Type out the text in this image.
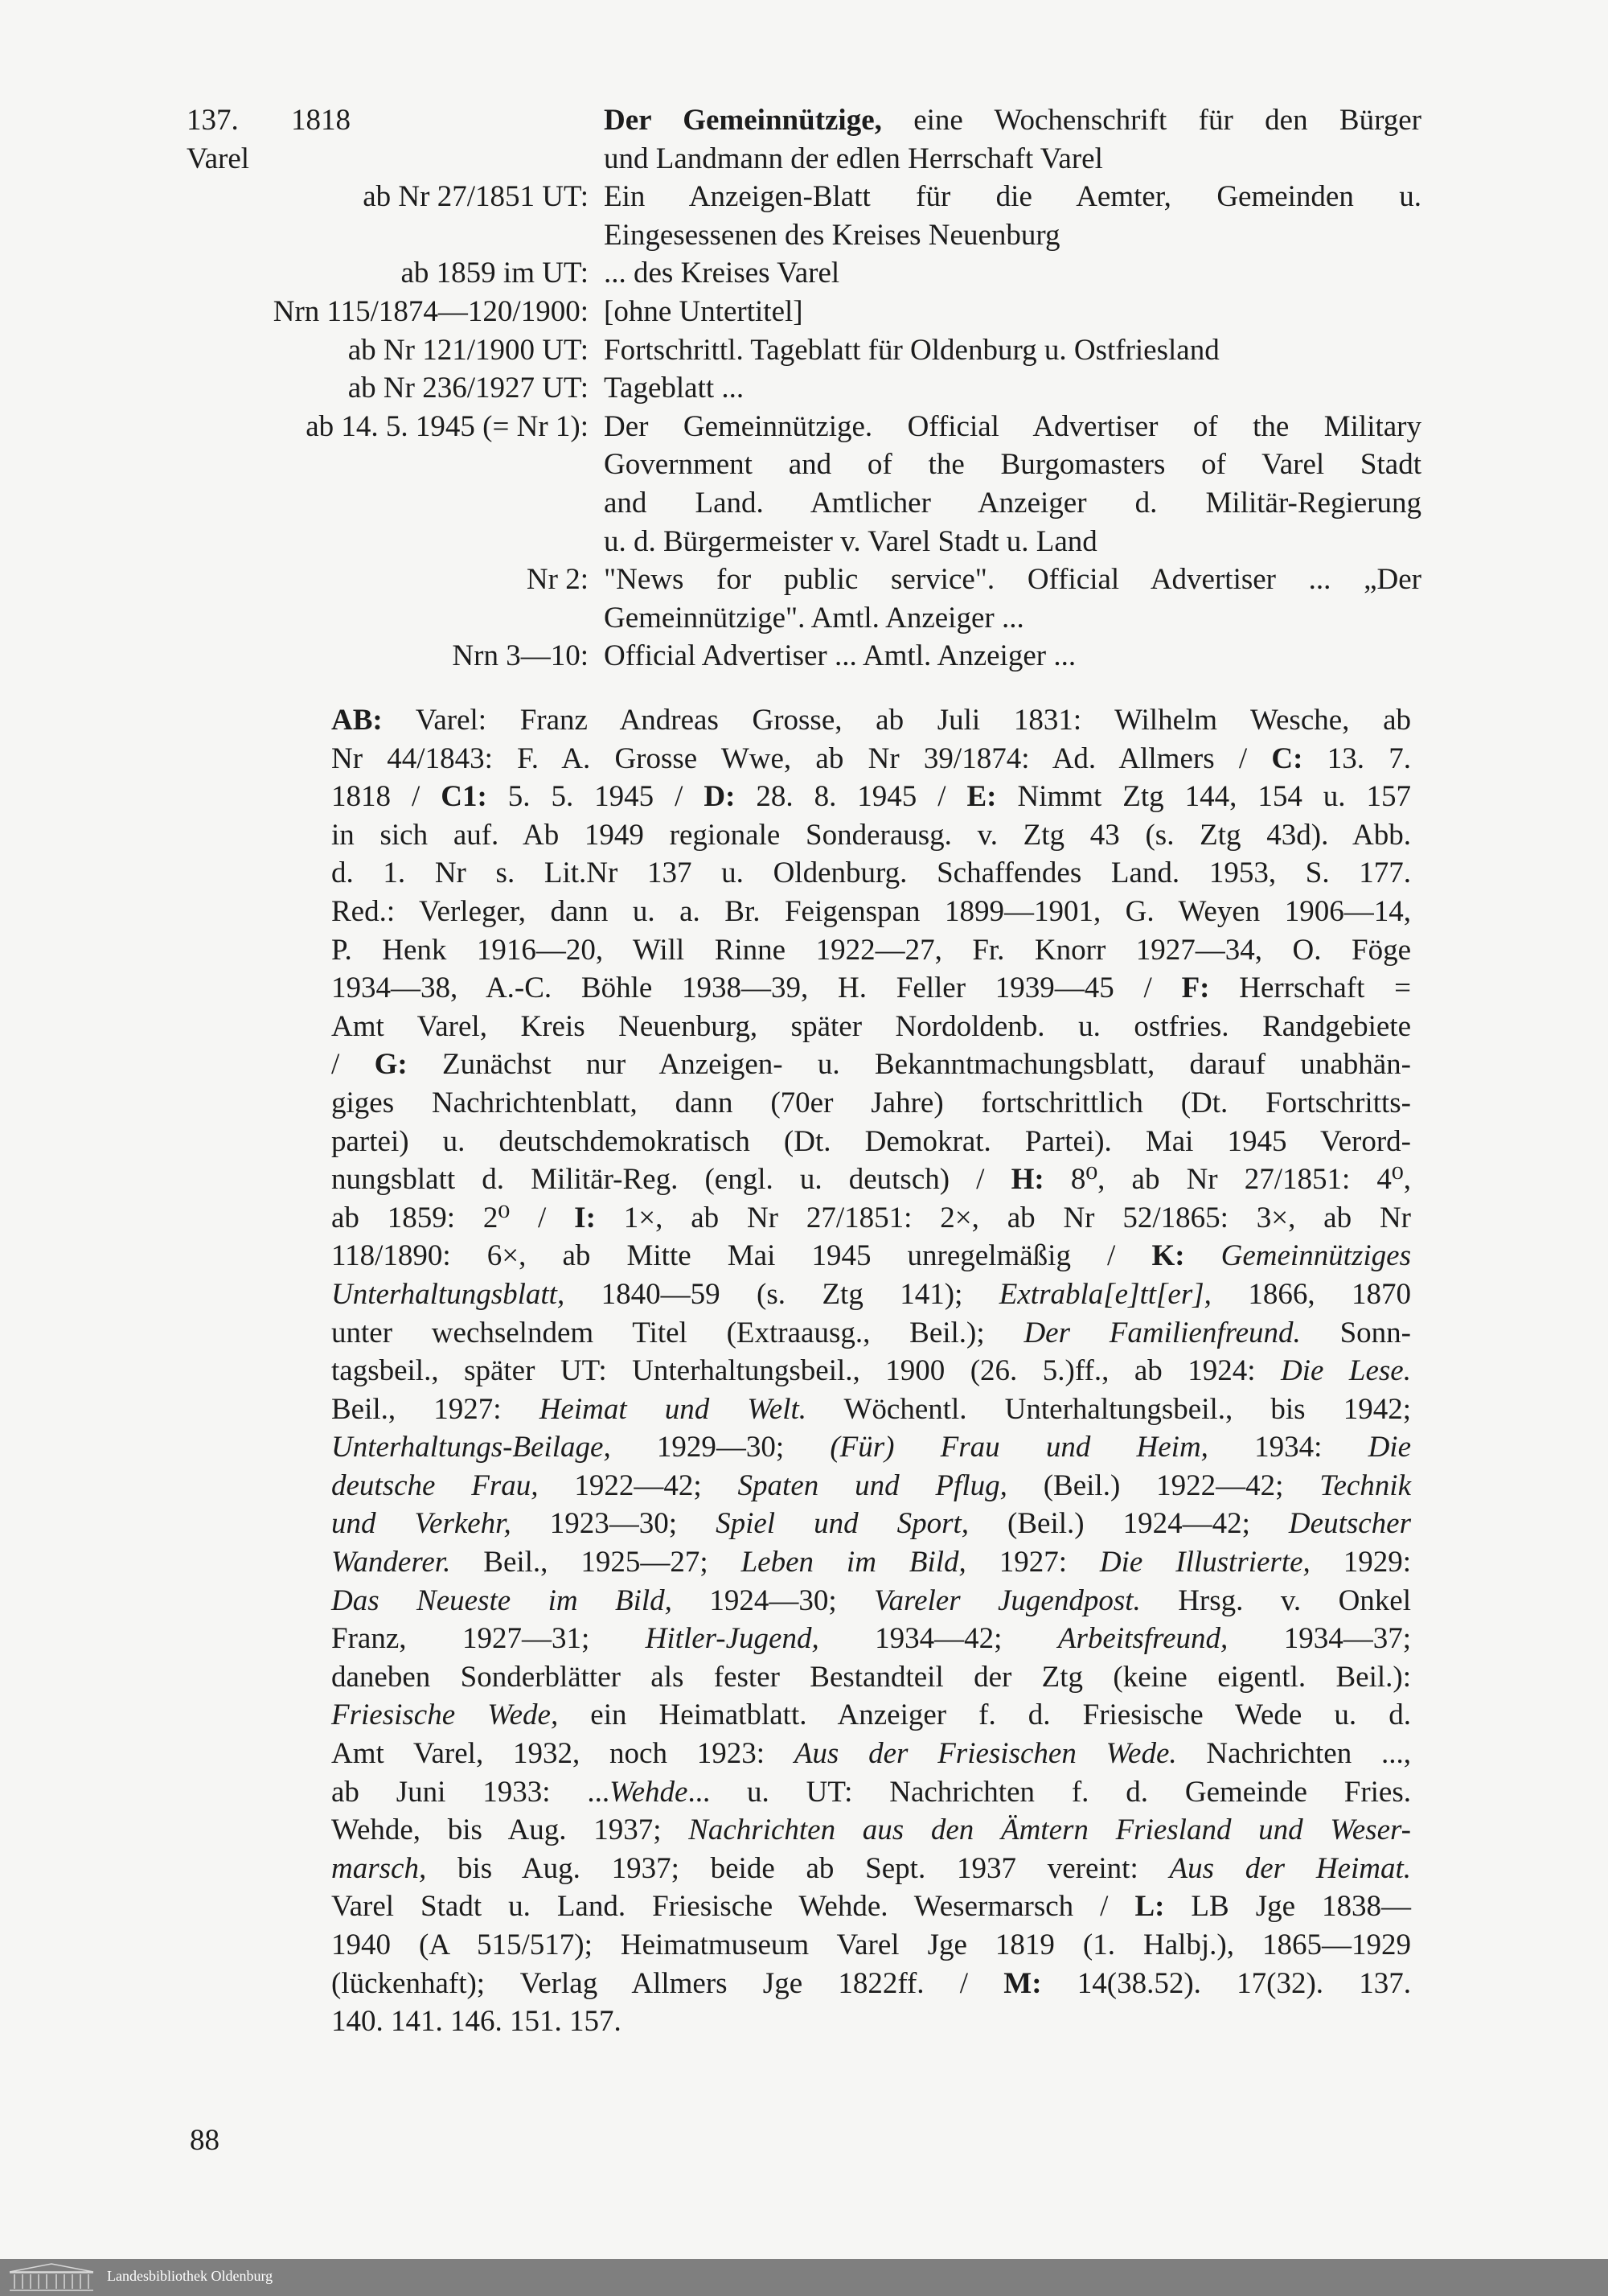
137. 1818	Der Gemeinnützige, eine Wochenschrift für den Bürger
Varel	und Landmann der edlen Herrschaft Varel
ab Nr 27/1851 UT: Ein Anzeigen-Blatt für die Aemter, Gemeinden u.
Eingesessenen des Kreises Neuenburg
ab 1859 im UT: ... des Kreises Varel
Nrn 115/1874—120/1900: [ohne Untertitel]
ab Nr 121/1900 UT: Fortschrittl. Tageblatt für Oldenburg u. Ostfriesland
ab Nr 236/1927 UT: Tageblatt ...
ab 14. 5. 1945 (= Nr 1): Der Gemeinnützige. Official Advertiser of the Military
Government and of the Burgomasters of Varel Stadt
and Land. Amtlicher Anzeiger d. Militär-Regierung
u. d. Bürgermeister v. Varel Stadt u. Land
Nr 2: "News for public service". Official Advertiser ... „Der
Gemeinnützige". Amtl. Anzeiger ...
Nrn 3—10: Official Advertiser ... Amtl. Anzeiger ...
AB: Varel: Franz Andreas Grosse, ab Juli 1831: Wilhelm Wesche, ab
Nr 44/1843: F. A. Grosse Wwe, ab Nr 39/1874: Ad. Allmers / C: 13. 7.
1818 / C1: 5. 5. 1945 / D: 28. 8. 1945 / E: Nimmt Ztg 144, 154 u. 157
in sich auf. Ab 1949 regionale Sonderausg. v. Ztg 43 (s. Ztg 43d). Abb.
d. 1. Nr s. Lit.Nr 137 u. Oldenburg. Schaffendes Land. 1953, S. 177.
Red.: Verleger, dann u. a. Br. Feigenspan 1899—1901, G. Weyen 1906—14,
P. Henk 1916—20, Will Rinne 1922—27, Fr. Knorr 1927—34, O. Föge
1934—38, A.-C. Böhle 1938—39, H. Feller 1939—45 / F: Herrschaft =
Amt Varel, Kreis Neuenburg, später Nordoldenb. u. ostfries. Randgebiete
/ G: Zunächst nur Anzeigen- u. Bekanntmachungsblatt, darauf unabhän-
giges Nachrichtenblatt, dann (70er Jahre) fortschrittlich (Dt. Fortschritts-
partei) u. deutschdemokratisch (Dt. Demokrat. Partei). Mai 1945 Verord-
nungsblatt d. Militär-Reg. (engl. u. deutsch) / H: 8⁰, ab Nr 27/1851: 4⁰,
ab 1859: 2⁰ / I: 1×, ab Nr 27/1851: 2×, ab Nr 52/1865: 3×, ab Nr
118/1890: 6×, ab Mitte Mai 1945 unregelmäßig / K: Gemeinnütziges
Unterhaltungsblatt, 1840—59 (s. Ztg 141); Extrabla[e]tt[er], 1866, 1870
unter wechselndem Titel (Extraausg., Beil.); Der Familienfreund. Sonn-
tagsbeil., später UT: Unterhaltungsbeil., 1900 (26. 5.)ff., ab 1924: Die Lese.
Beil., 1927: Heimat und Welt. Wöchentl. Unterhaltungsbeil., bis 1942;
Unterhaltungs-Beilage, 1929—30; (Für) Frau und Heim, 1934: Die
deutsche Frau, 1922—42; Spaten und Pflug, (Beil.) 1922—42; Technik
und Verkehr, 1923—30; Spiel und Sport, (Beil.) 1924—42; Deutscher
Wanderer. Beil., 1925—27; Leben im Bild, 1927: Die Illustrierte, 1929:
Das Neueste im Bild, 1924—30; Vareler Jugendpost. Hrsg. v. Onkel
Franz, 1927—31; Hitler-Jugend, 1934—42; Arbeitsfreund, 1934—37;
daneben Sonderblätter als fester Bestandteil der Ztg (keine eigentl. Beil.):
Friesische Wede, ein Heimatblatt. Anzeiger f. d. Friesische Wede u. d.
Amt Varel, 1932, noch 1923: Aus der Friesischen Wede. Nachrichten ...,
ab Juni 1933: ...Wehde... u. UT: Nachrichten f. d. Gemeinde Fries.
Wehde, bis Aug. 1937; Nachrichten aus den Ämtern Friesland und Weser-
marsch, bis Aug. 1937; beide ab Sept. 1937 vereint: Aus der Heimat.
Varel Stadt u. Land. Friesische Wehde. Wesermarsch / L: LB Jge 1838—
1940 (A 515/517); Heimatmuseum Varel Jge 1819 (1. Halbj.), 1865—1929
(lückenhaft); Verlag Allmers Jge 1822ff. / M: 14(38.52). 17(32). 137.
140. 141. 146. 151. 157.
88
Landesbibliothek Oldenburg
